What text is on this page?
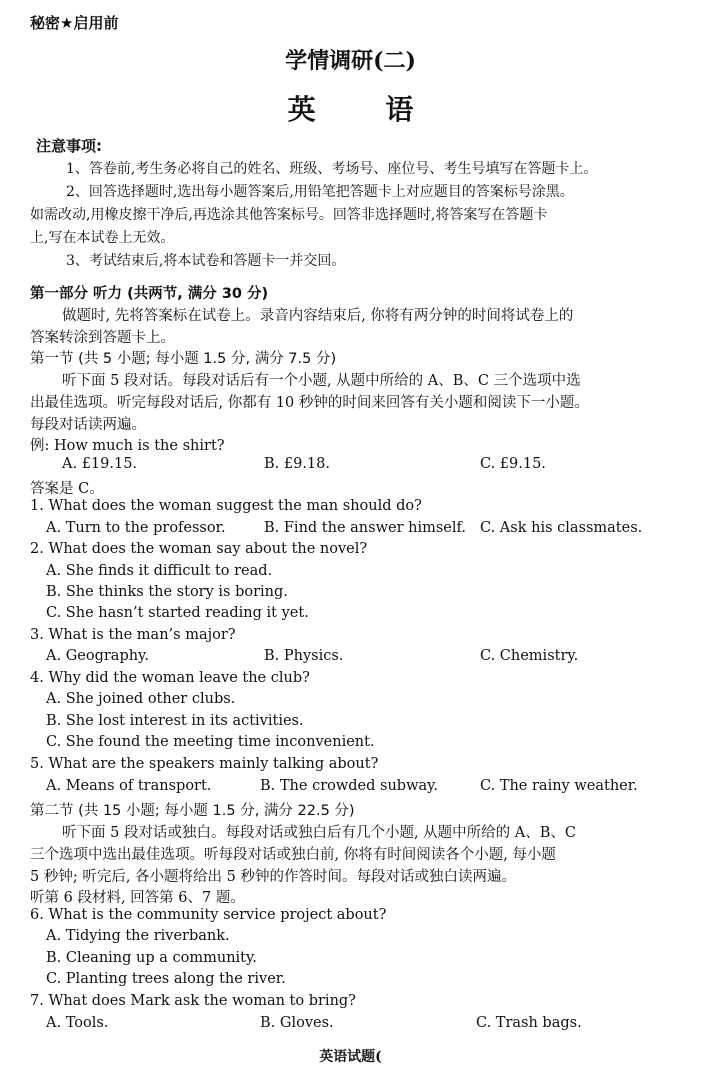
秘密★启用前
学情调研(二)
英 语
注意事项:
1、答卷前,考生务必将自己的姓名、班级、考场号、座位号、考生号填写在答题卡上。
2、回答选择题时,选出每小题答案后,用铅笔把答题卡上对应题目的答案标号涂黑。
如需改动,用橡皮擦干净后,再选涂其他答案标号。回答非选择题时,将答案写在答题卡
上,写在本试卷上无效。
3、考试结束后,将本试卷和答题卡一并交回。
第一部分 听力 (共两节, 满分 30 分)
做题时, 先将答案标在试卷上。录音内容结束后, 你将有两分钟的时间将试卷上的
答案转涂到答题卡上。
第一节 (共 5 小题; 每小题 1.5 分, 满分 7.5 分)
听下面 5 段对话。每段对话后有一个小题, 从题中所给的 A、B、C 三个选项中选
出最佳选项。听完每段对话后, 你都有 10 秒钟的时间来回答有关小题和阅读下一小题。
每段对话读两遍。
例: How much is the shirt?
A. £19.15.	B. £9.18.	C. £9.15.
答案是 C。
1. What does the woman suggest the man should do?
A. Turn to the professor.	B. Find the answer himself. C. Ask his classmates.
2. What does the woman say about the novel?
A. She finds it difficult to read.
B. She thinks the story is boring.
C. She hasn’t started reading it yet.
3. What is the man’s major?
A. Geography.	B. Physics.	C. Chemistry.
4. Why did the woman leave the club?
A. She joined other clubs.
B. She lost interest in its activities.
C. She found the meeting time inconvenient.
5. What are the speakers mainly talking about?
A. Means of transport.	B. The crowded subway.	C. The rainy weather.
第二节 (共 15 小题; 每小题 1.5 分, 满分 22.5 分)
听下面 5 段对话或独白。每段对话或独白后有几个小题, 从题中所给的 A、B、C
三个选项中选出最佳选项。听每段对话或独白前, 你将有时间阅读各个小题, 每小题
5 秒钟; 听完后, 各小题将给出 5 秒钟的作答时间。每段对话或独白读两遍。
听第 6 段材料, 回答第 6、7 题。
6. What is the community service project about?
A. Tidying the riverbank.
B. Cleaning up a community.
C. Planting trees along the river.
7. What does Mark ask the woman to bring?
A. Tools.	B. Gloves.	C. Trash bags.
英语试题(
